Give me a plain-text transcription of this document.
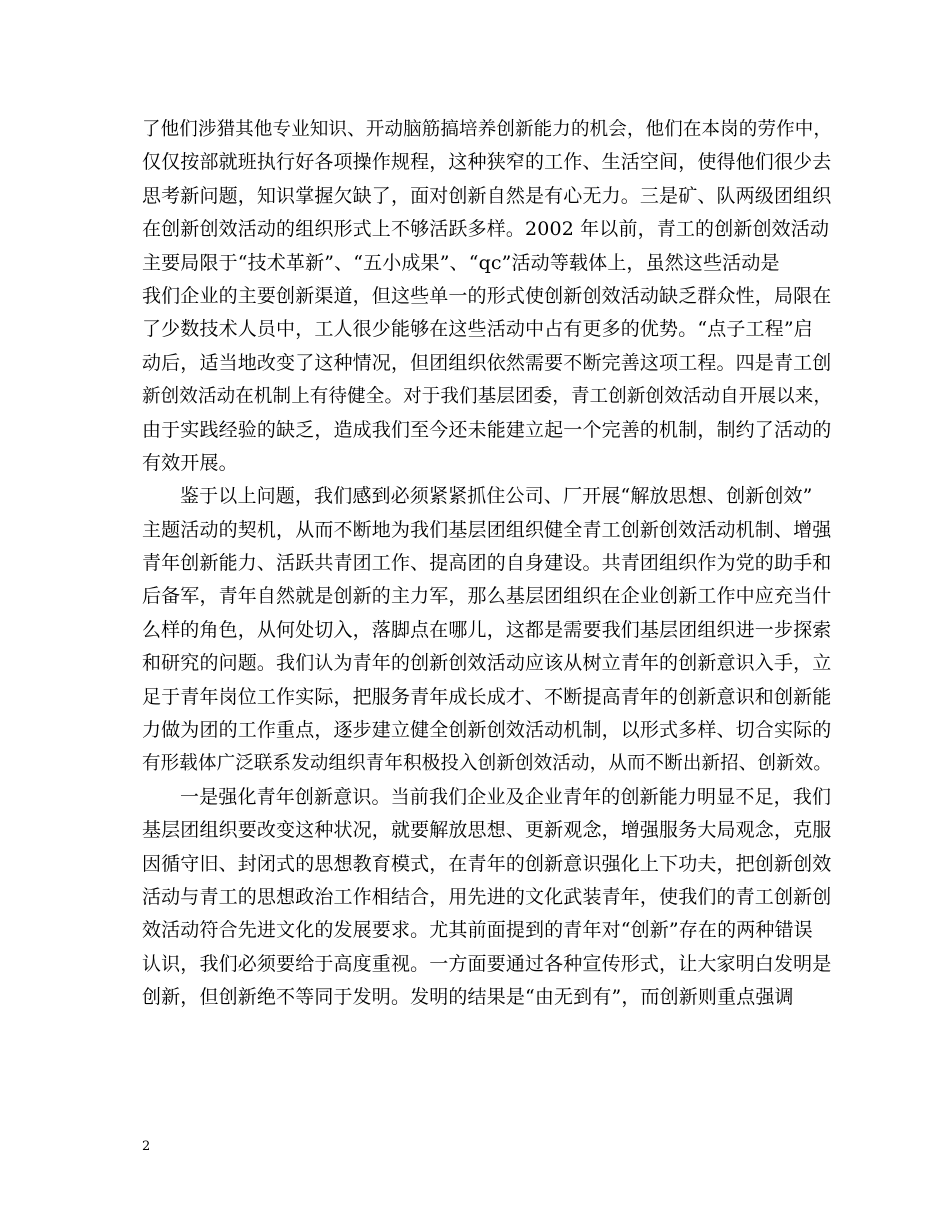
了他们涉猎其他专业知识、开动脑筋搞培养创新能力的机会，他们在本岗的劳作中，
仅仅按部就班执行好各项操作规程，这种狭窄的工作、生活空间，使得他们很少去
思考新问题，知识掌握欠缺了，面对创新自然是有心无力。三是矿、队两级团组织
在创新创效活动的组织形式上不够活跃多样。2002 年以前，青工的创新创效活动
主要局限于“技术革新”、“五小成果”、“qc”活动等载体上，虽然这些活动是
我们企业的主要创新渠道，但这些单一的形式使创新创效活动缺乏群众性，局限在
了少数技术人员中，工人很少能够在这些活动中占有更多的优势。“点子工程”启
动后，适当地改变了这种情况，但团组织依然需要不断完善这项工程。四是青工创
新创效活动在机制上有待健全。对于我们基层团委，青工创新创效活动自开展以来，
由于实践经验的缺乏，造成我们至今还未能建立起一个完善的机制，制约了活动的
有效开展。
鉴于以上问题，我们感到必须紧紧抓住公司、厂开展“解放思想、创新创效”
主题活动的契机，从而不断地为我们基层团组织健全青工创新创效活动机制、增强
青年创新能力、活跃共青团工作、提高团的自身建设。共青团组织作为党的助手和
后备军，青年自然就是创新的主力军，那么基层团组织在企业创新工作中应充当什
么样的角色，从何处切入，落脚点在哪儿，这都是需要我们基层团组织进一步探索
和研究的问题。我们认为青年的创新创效活动应该从树立青年的创新意识入手，立
足于青年岗位工作实际，把服务青年成长成才、不断提高青年的创新意识和创新能
力做为团的工作重点，逐步建立健全创新创效活动机制，以形式多样、切合实际的
有形载体广泛联系发动组织青年积极投入创新创效活动，从而不断出新招、创新效。
一是强化青年创新意识。当前我们企业及企业青年的创新能力明显不足，我们
基层团组织要改变这种状况，就要解放思想、更新观念，增强服务大局观念，克服
因循守旧、封闭式的思想教育模式，在青年的创新意识强化上下功夫，把创新创效
活动与青工的思想政治工作相结合，用先进的文化武装青年，使我们的青工创新创
效活动符合先进文化的发展要求。尤其前面提到的青年对“创新”存在的两种错误
认识，我们必须要给于高度重视。一方面要通过各种宣传形式，让大家明白发明是
创新，但创新绝不等同于发明。发明的结果是“由无到有”，而创新则重点强调
2
